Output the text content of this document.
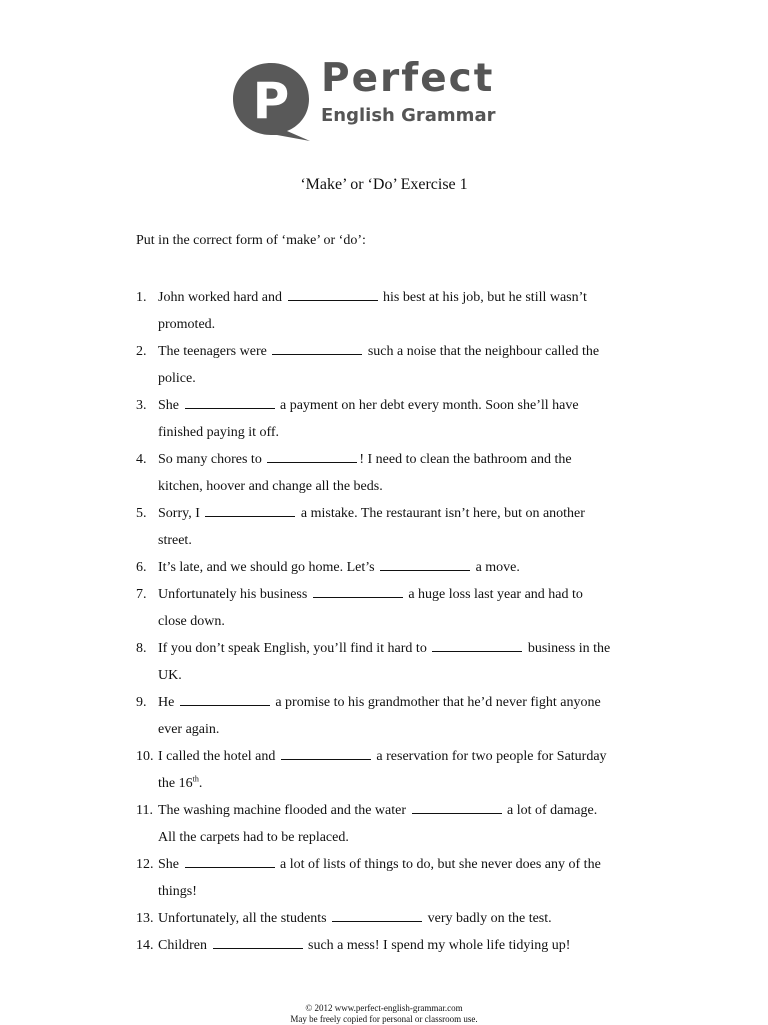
P Perfect
English Grammar
‘Make’ or ‘Do’ Exercise 1
Put in the correct form of ‘make’ or ‘do’:
1. John worked hard and	his best at his job, but he still wasn’t
promoted.
2. The teenagers were	such a noise that the neighbour called the
police.
3. She	a payment on her debt every month. Soon she’ll have
finished paying it off.
4. So many chores to	! I need to clean the bathroom and the
kitchen, hoover and change all the beds.
5. Sorry, I	a mistake. The restaurant isn’t here, but on another
street.
6. It’s late, and we should go home. Let’s	a move.
7. Unfortunately his business	a huge loss last year and had to
close down.
8. If you don’t speak English, you’ll find it hard to	business in the
UK.
9. He	a promise to his grandmother that he’d never fight anyone
ever again.
10. I called the hotel and	a reservation for two people for Saturday
the 16th.
11. The washing machine flooded and the water	a lot of damage.
All the carpets had to be replaced.
12. She	a lot of lists of things to do, but she never does any of the
things!
13. Unfortunately, all the students	very badly on the test.
14. Children	such a mess! I spend my whole life tidying up!
© 2012 www.perfect-english-grammar.com
May be freely copied for personal or classroom use.
